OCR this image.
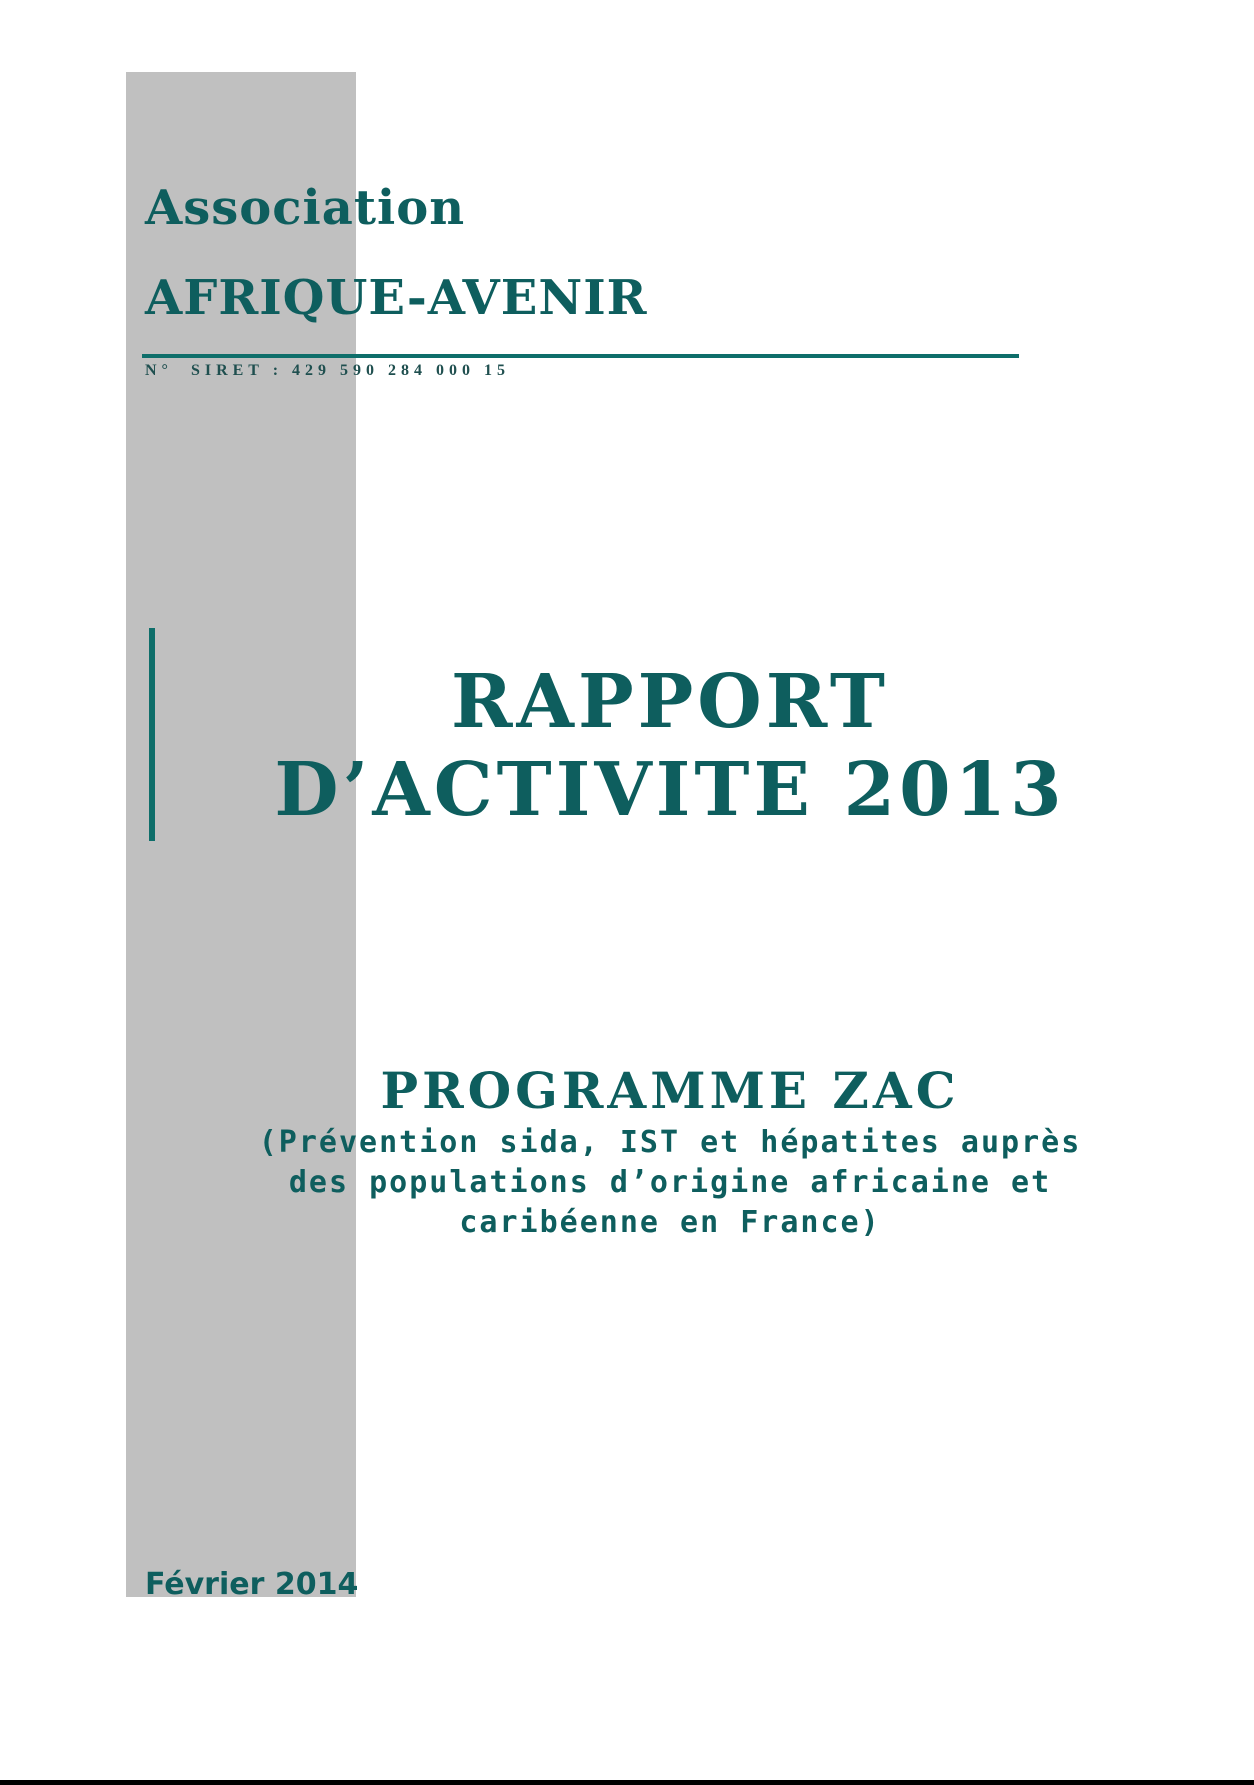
Association
AFRIQUE-AVENIR
N°  SIRET : 429 590 284 000 15
RAPPORT
D’ACTIVITE 2013
PROGRAMME ZAC
(Prévention sida, IST et hépatites auprès
des populations d’origine africaine et
caribéenne en France)
Février 2014
